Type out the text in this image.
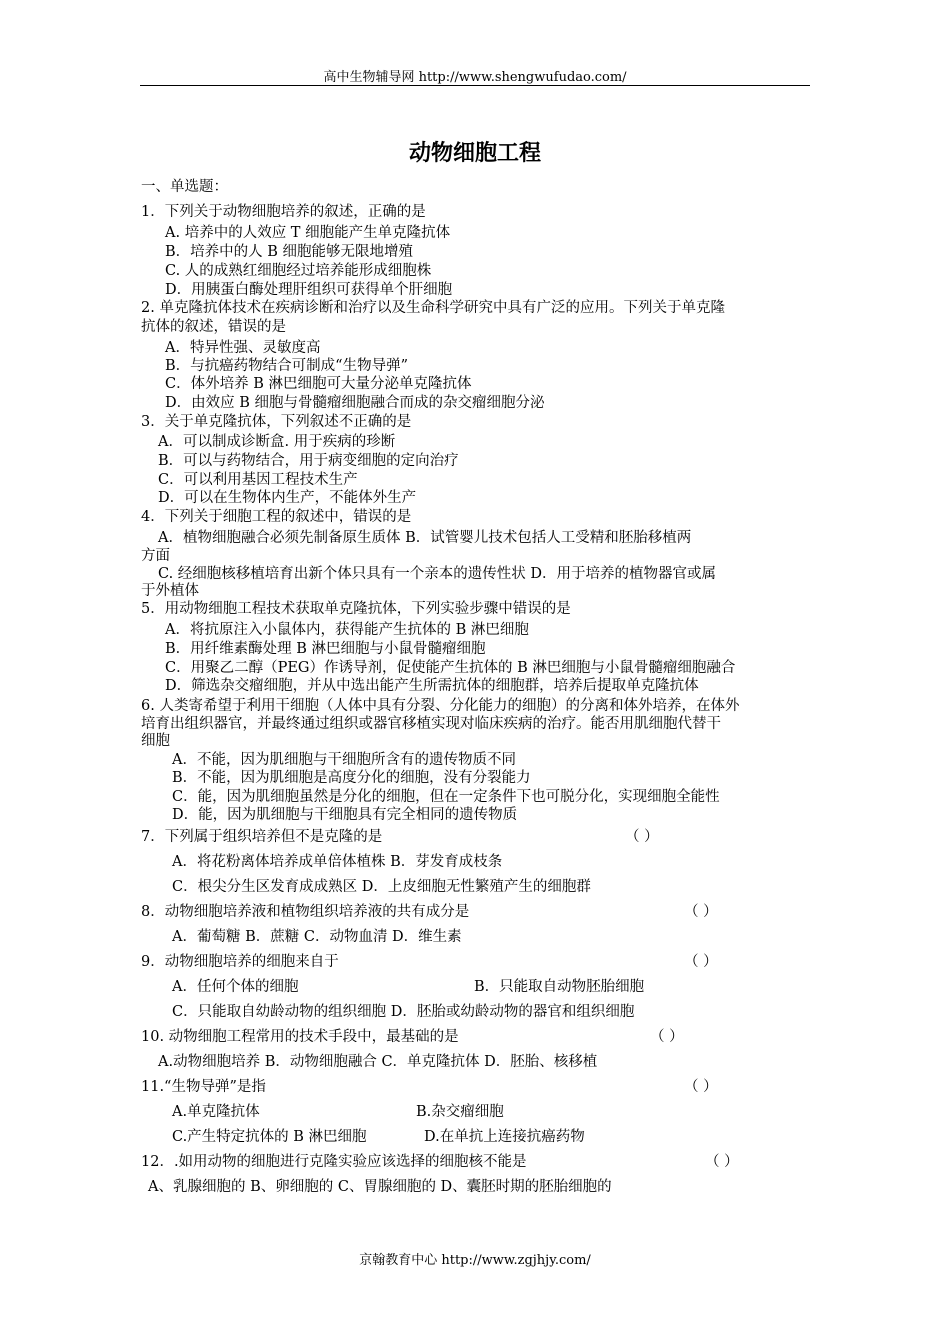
高中生物辅导网 http://www.shengwufudao.com/
动物细胞工程
一、单选题：
1．下列关于动物细胞培养的叙述，正确的是
A. 培养中的人效应 T 细胞能产生单克隆抗体
B．培养中的人 B 细胞能够无限地增殖
C. 人的成熟红细胞经过培养能形成细胞株
D．用胰蛋白酶处理肝组织可获得单个肝细胞
2. 单克隆抗体技术在疾病诊断和治疗以及生命科学研究中具有广泛的应用。下列关于单克隆
抗体的叙述，错误的是
A．特异性强、灵敏度高
B．与抗癌药物结合可制成“生物导弹”
C．体外培养 B 淋巴细胞可大量分泌单克隆抗体
D．由效应 B 细胞与骨髓瘤细胞融合而成的杂交瘤细胞分泌
3．关于单克隆抗体，下列叙述不正确的是
A．可以制成诊断盒. 用于疾病的珍断
B．可以与药物结合，用于病变细胞的定向治疗
C．可以利用基因工程技术生产
D．可以在生物体内生产，不能体外生产
4．下列关于细胞工程的叙述中，错误的是
A．植物细胞融合必须先制备原生质体 B．试管婴儿技术包括人工受精和胚胎移植两
方面
C. 经细胞核移植培育出新个体只具有一个亲本的遗传性状 D．用于培养的植物器官或属
于外植体
5．用动物细胞工程技术获取单克隆抗体，下列实验步骤中错误的是
A．将抗原注入小鼠体内，获得能产生抗体的 B 淋巴细胞
B．用纤维素酶处理 B 淋巴细胞与小鼠骨髓瘤细胞
C．用聚乙二醇（PEG）作诱导剂，促使能产生抗体的 B 淋巴细胞与小鼠骨髓瘤细胞融合
D．筛选杂交瘤细胞，并从中选出能产生所需抗体的细胞群，培养后提取单克隆抗体
6. 人类寄希望于利用干细胞（人体中具有分裂、分化能力的细胞）的分离和体外培养，在体外
培育出组织器官，并最终通过组织或器官移植实现对临床疾病的治疗。能否用肌细胞代替干
细胞
A．不能，因为肌细胞与干细胞所含有的遗传物质不同
B．不能，因为肌细胞是高度分化的细胞，没有分裂能力
C．能，因为肌细胞虽然是分化的细胞，但在一定条件下也可脱分化，实现细胞全能性
D．能，因为肌细胞与干细胞具有完全相同的遗传物质
7．下列属于组织培养但不是克隆的是	（ ）
A．将花粉离体培养成单倍体植株 B．芽发育成枝条
C．根尖分生区发育成成熟区 D．上皮细胞无性繁殖产生的细胞群
8．动物细胞培养液和植物组织培养液的共有成分是	（ ）
A．葡萄糖 B．蔗糖 C．动物血清 D．维生素
9．动物细胞培养的细胞来自于	（ ）
A．任何个体的细胞	B．只能取自动物胚胎细胞
C．只能取自幼龄动物的组织细胞 D．胚胎或幼龄动物的器官和组织细胞
10. 动物细胞工程常用的技术手段中，最基础的是	（ ）
A.动物细胞培养 B．动物细胞融合 C．单克隆抗体 D．胚胎、核移植
11.“生物导弹”是指	（ ）
A.单克隆抗体	B.杂交瘤细胞
C.产生特定抗体的 B 淋巴细胞	D.在单抗上连接抗癌药物
12．.如用动物的细胞进行克隆实验应该选择的细胞核不能是	（ ）
A、乳腺细胞的 B、卵细胞的 C、胃腺细胞的 D、囊胚时期的胚胎细胞的
京翰教育中心 http://www.zgjhjy.com/
